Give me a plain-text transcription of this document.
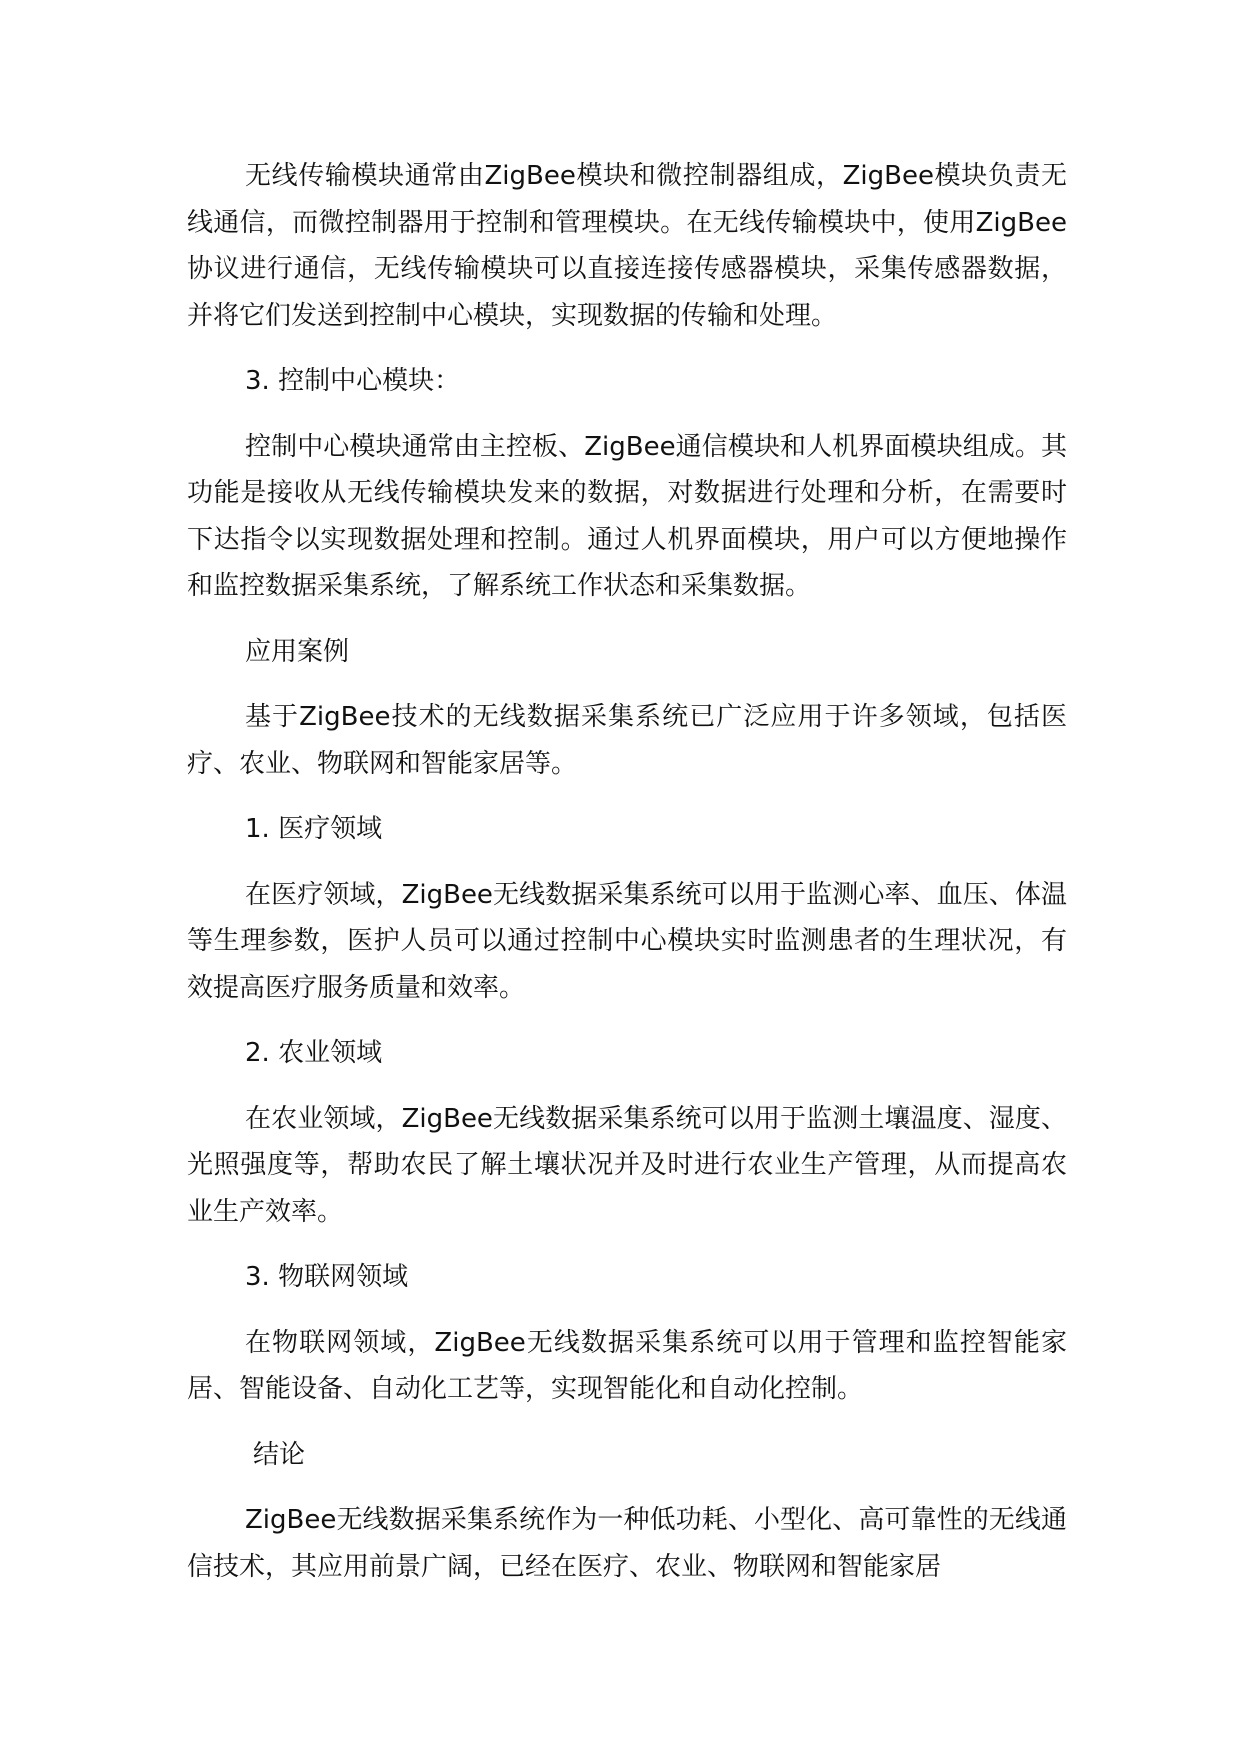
无线传输模块通常由ZigBee模块和微控制器组成，ZigBee模块负责无线通信，而微控制器用于控制和管理模块。在无线传输模块中，使用ZigBee协议进行通信，无线传输模块可以直接连接传感器模块，采集传感器数据，并将它们发送到控制中心模块，实现数据的传输和处理。

3. 控制中心模块：

控制中心模块通常由主控板、ZigBee通信模块和人机界面模块组成。其功能是接收从无线传输模块发来的数据，对数据进行处理和分析，在需要时下达指令以实现数据处理和控制。通过人机界面模块，用户可以方便地操作和监控数据采集系统，了解系统工作状态和采集数据。

应用案例

基于ZigBee技术的无线数据采集系统已广泛应用于许多领域，包括医疗、农业、物联网和智能家居等。

1. 医疗领域

在医疗领域，ZigBee无线数据采集系统可以用于监测心率、血压、体温等生理参数，医护人员可以通过控制中心模块实时监测患者的生理状况，有效提高医疗服务质量和效率。

2. 农业领域

在农业领域，ZigBee无线数据采集系统可以用于监测土壤温度、湿度、光照强度等，帮助农民了解土壤状况并及时进行农业生产管理，从而提高农业生产效率。

3. 物联网领域

在物联网领域，ZigBee无线数据采集系统可以用于管理和监控智能家居、智能设备、自动化工艺等，实现智能化和自动化控制。

结论

ZigBee无线数据采集系统作为一种低功耗、小型化、高可靠性的无线通信技术，其应用前景广阔，已经在医疗、农业、物联网和智能家居
